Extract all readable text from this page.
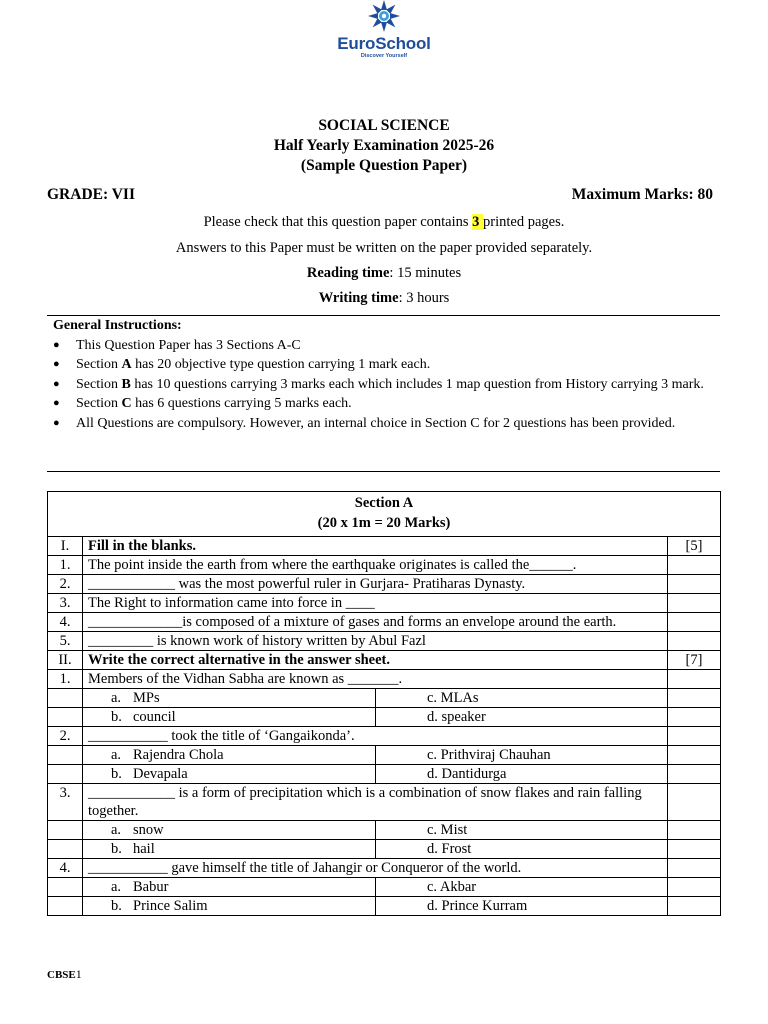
EuroSchool
Discover Yourself
SOCIAL SCIENCE
Half Yearly Examination 2025-26
(Sample Question Paper)
GRADE: VII	Maximum Marks: 80
Please check that this question paper contains 3 printed pages.
Answers to this Paper must be written on the paper provided separately.
Reading time: 15 minutes
Writing time: 3 hours
General Instructions:
● This Question Paper has 3 Sections A-C
● Section A has 20 objective type question carrying 1 mark each.
● Section B has 10 questions carrying 3 marks each which includes 1 map question from History carrying 3 mark.
● Section C has 6 questions carrying 5 marks each.
● All Questions are compulsory. However, an internal choice in Section C for 2 questions has been provided.
Section A
(20 x 1m = 20 Marks)			

I.	Fill in the blanks.		[5]
1.	The point inside the earth from where the earthquake originates is called the______.		
2.	____________ was the most powerful ruler in Gurjara- Pratiharas Dynasty.		
3.	The Right to information came into force in ____		
4.	_____________is composed of a mixture of gases and forms an envelope around the earth.		
5.	_________ is known work of history written by Abul Fazl		
II.	Write the correct alternative in the answer sheet.		[7]
1.	Members of the Vidhan Sabha are known as _______.		
	a. MPs	c. MLAs	
	b. council	d. speaker	
2.	___________ took the title of ‘Gangaikonda’.		
	a. Rajendra Chola	c. Prithviraj Chauhan	
	b. Devapala	d. Dantidurga	
3.	____________ is a form of precipitation which is a combination of snow flakes and rain falling together.		
	a. snow	c. Mist	
	b. hail	d. Frost	
4.	___________ gave himself the title of Jahangir or Conqueror of the world.		
	a. Babur	c. Akbar	
	b. Prince Salim	d. Prince Kurram	
CBSE1
